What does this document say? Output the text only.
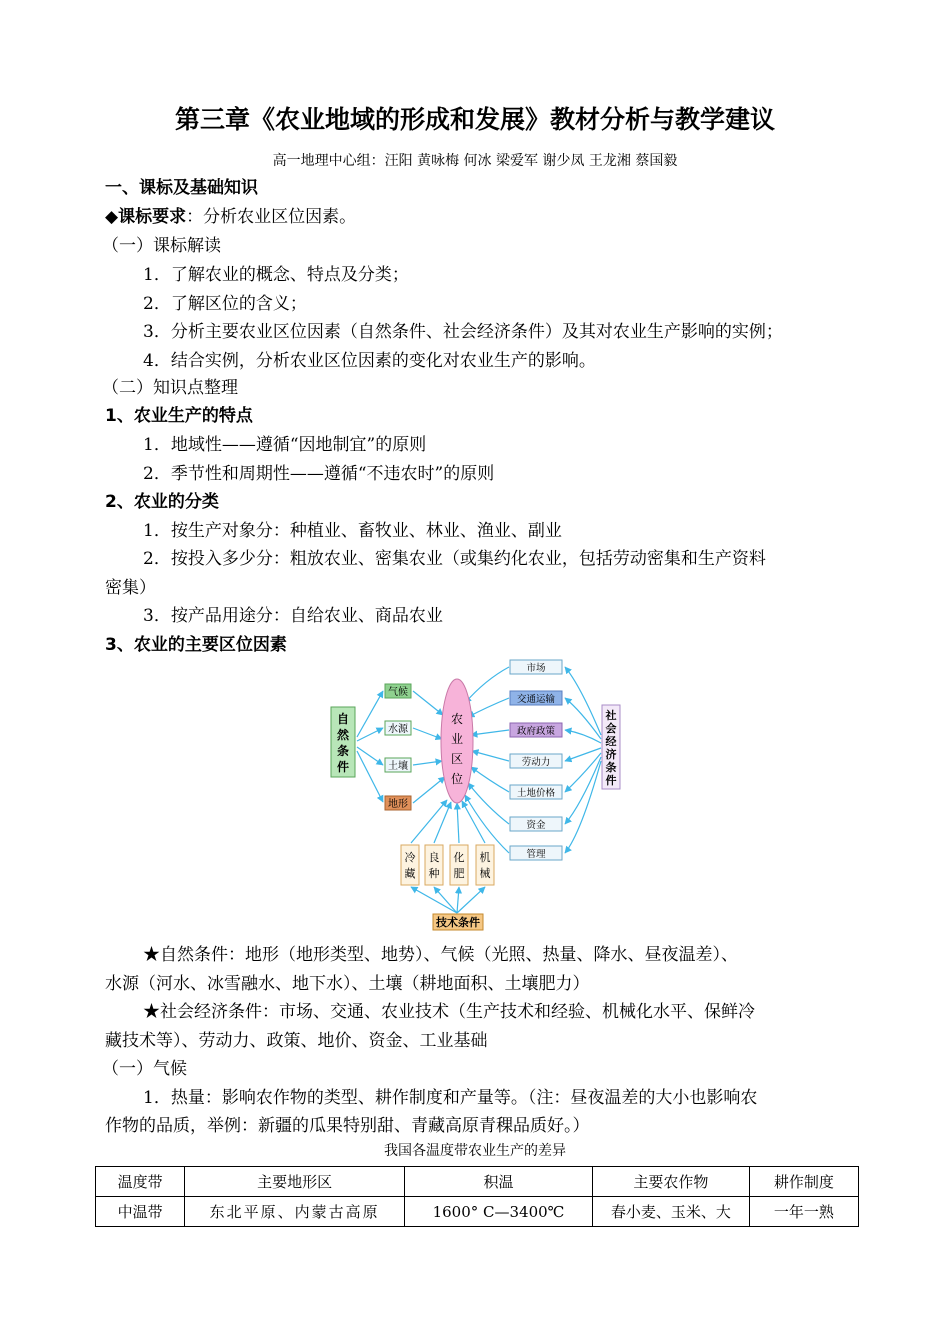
第三章《农业地域的形成和发展》教材分析与教学建议
高一地理中心组：汪阳 黄咏梅 何冰 梁爱军 谢少凤 王龙湘 蔡国毅
一、课标及基础知识
◆课标要求：分析农业区位因素。
（一）课标解读
1．了解农业的概念、特点及分类；
2．了解区位的含义；
3．分析主要农业区位因素（自然条件、社会经济条件）及其对农业生产影响的实例；
4．结合实例，分析农业区位因素的变化对农业生产的影响。
（二）知识点整理
1、农业生产的特点
1．地域性——遵循“因地制宜”的原则
2．季节性和周期性——遵循“不违农时”的原则
2、农业的分类
1．按生产对象分：种植业、畜牧业、林业、渔业、副业
2．按投入多少分：粗放农业、密集农业（或集约化农业，包括劳动密集和生产资料
密集）
3．按产品用途分：自给农业、商品农业
3、农业的主要区位因素
农
业
区
位
自
然
条
件
气候
水源
土壤
地形
社
会
经
济
条
件
市场
交通运输
政府政策
劳动力
土地价格
资金
管理
冷
藏
良
种
化
肥
机
械
技术条件
★自然条件：地形（地形类型、地势）、气候（光照、热量、降水、昼夜温差）、
水源（河水、冰雪融水、地下水）、土壤（耕地面积、土壤肥力）
★社会经济条件：市场、交通、农业技术（生产技术和经验、机械化水平、保鲜冷
藏技术等）、劳动力、政策、地价、资金、工业基础
（一）气候
1．热量：影响农作物的类型、耕作制度和产量等。（注：昼夜温差的大小也影响农
作物的品质，举例：新疆的瓜果特别甜、青藏高原青稞品质好。）
我国各温度带农业生产的差异
温度带	主要地形区	积温	主要农作物	耕作制度
中温带	东北平原、内蒙古高原	1600° C—3400℃	春小麦、玉米、大	一年一熟
